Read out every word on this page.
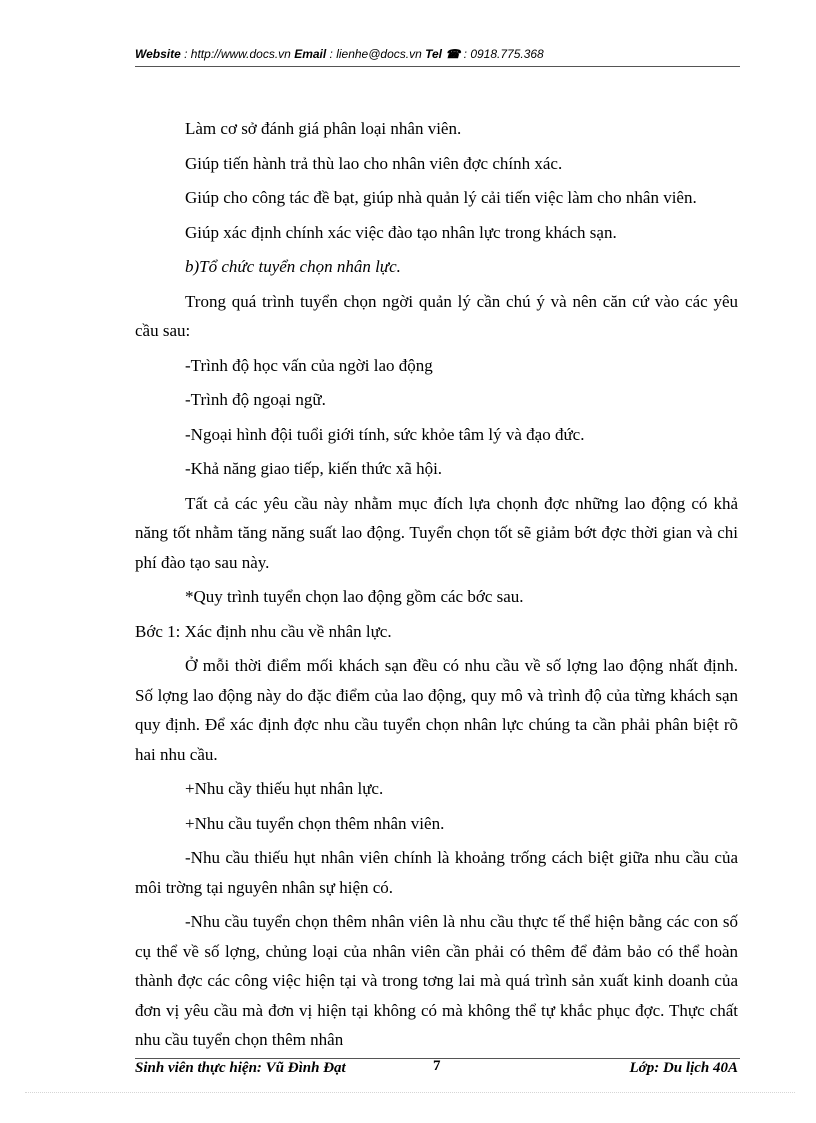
Website : http://www.docs.vn Email : lienhe@docs.vn Tel ☎ : 0918.775.368

Làm cơ sở đánh giá phân loại nhân viên.

Giúp tiến hành trả thù lao cho nhân viên đợc chính xác.

Giúp cho công tác đề bạt, giúp nhà quản lý cải tiến việc làm cho nhân viên.

Giúp xác định chính xác việc đào tạo nhân lực trong khách sạn.

b)Tổ chức tuyển chọn nhân lực.

Trong quá trình tuyển chọn ngời quản lý cần chú ý và nên căn cứ vào các yêu cầu sau:

-Trình độ học vấn của ngời lao động

-Trình độ ngoại ngữ.

-Ngoại hình đội tuổi giới tính, sức khỏe tâm lý và đạo đức.

-Khả năng giao tiếp, kiến thức xã hội.

Tất cả các yêu cầu này nhằm mục đích lựa chọnh đợc những lao động có khả năng tốt nhằm tăng năng suất lao động. Tuyển chọn tốt sẽ giảm bớt đợc thời gian và chi phí đào tạo sau này.

*Quy trình tuyển chọn lao động gồm các bớc sau.

Bớc 1: Xác định nhu cầu về nhân lực.

Ở mỗi thời điểm mối khách sạn đều có nhu cầu về số lợng lao động nhất định. Số lợng lao động này do đặc điểm của lao động, quy mô và trình độ của từng khách sạn quy định. Để xác định đợc nhu cầu tuyển chọn nhân lực chúng ta cần phải phân biệt rõ hai nhu cầu.

+Nhu cầy thiếu hụt nhân lực.

+Nhu cầu tuyển chọn thêm nhân viên.

-Nhu cầu thiếu hụt nhân viên chính là khoảng trống cách biệt giữa nhu cầu của môi trờng tại nguyên nhân sự hiện có.

-Nhu cầu tuyển chọn thêm nhân viên là nhu cầu thực tế thể hiện bằng các con số cụ thể về số lợng, chủng loại của nhân viên cần phải có thêm để đảm bảo có thể hoàn thành đợc các công việc hiện tại và trong tơng lai mà quá trình sản xuất kinh doanh của đơn vị yêu cầu mà đơn vị hiện tại không có mà không thể tự khắc phục đợc. Thực chất nhu cầu tuyển chọn thêm nhân

Sinh viên thực hiện: Vũ Đình Đạt	7	Lớp: Du lịch 40A
